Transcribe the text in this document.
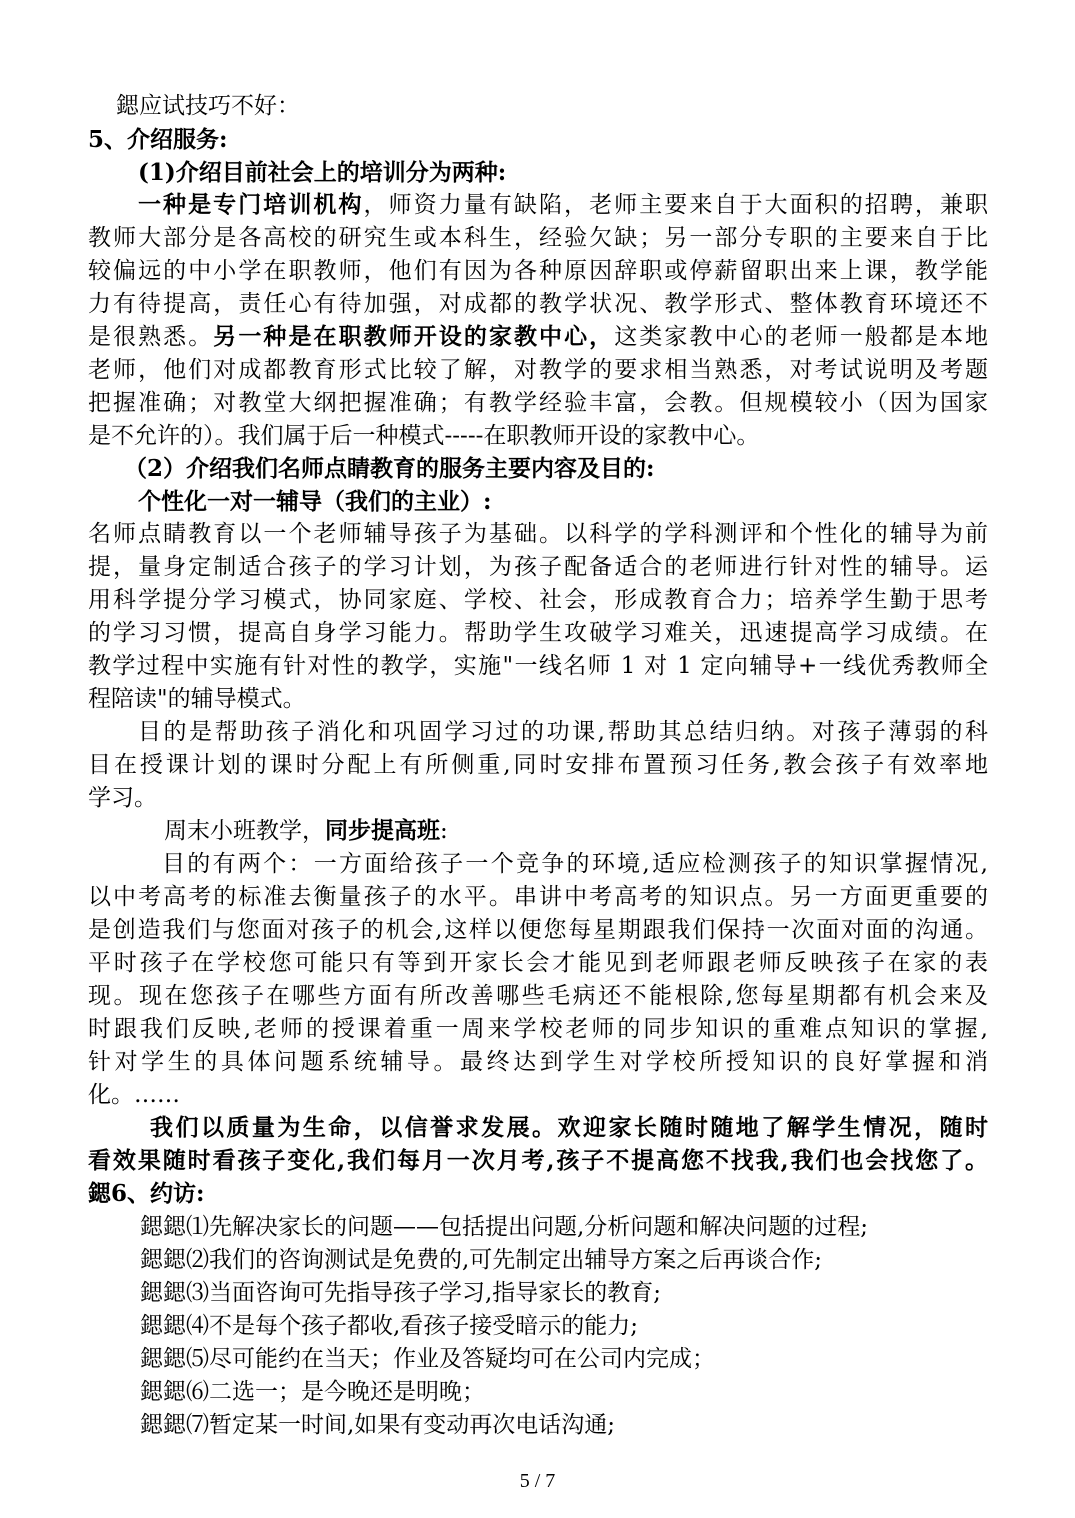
鍶应试技巧不好：
5、介绍服务:
(1)介绍目前社会上的培训分为两种:
一种是专门培训机构，师资力量有缺陷，老师主要来自于大面积的招聘，兼职
教师大部分是各高校的研究生或本科生，经验欠缺；另一部分专职的主要来自于比
较偏远的中小学在职教师，他们有因为各种原因辞职或停薪留职出来上课，教学能
力有待提高，责任心有待加强，对成都的教学状况、教学形式、整体教育环境还不
是很熟悉。另一种是在职教师开设的家教中心，这类家教中心的老师一般都是本地
老师，他们对成都教育形式比较了解，对教学的要求相当熟悉，对考试说明及考题
把握准确；对教堂大纲把握准确；有教学经验丰富，会教。但规模较小（因为国家
是不允许的）。我们属于后一种模式-----在职教师开设的家教中心。
（2）介绍我们名师点睛教育的服务主要内容及目的:
个性化一对一辅导（我们的主业）:
名师点睛教育以一个老师辅导孩子为基础。以科学的学科测评和个性化的辅导为前
提，量身定制适合孩子的学习计划，为孩子配备适合的老师进行针对性的辅导。运
用科学提分学习模式，协同家庭、学校、社会，形成教育合力；培养学生勤于思考
的学习习惯，提高自身学习能力。帮助学生攻破学习难关，迅速提高学习成绩。在
教学过程中实施有针对性的教学，实施"一线名师 1 对 1 定向辅导+一线优秀教师全
程陪读"的辅导模式。
目的是帮助孩子消化和巩固学习过的功课,帮助其总结归纳。对孩子薄弱的科
目在授课计划的课时分配上有所侧重,同时安排布置预习任务,教会孩子有效率地
学习。
周末小班教学，同步提高班:
目的有两个：一方面给孩子一个竞争的环境,适应检测孩子的知识掌握情况,
以中考高考的标准去衡量孩子的水平。串讲中考高考的知识点。另一方面更重要的
是创造我们与您面对孩子的机会,这样以便您每星期跟我们保持一次面对面的沟通。
平时孩子在学校您可能只有等到开家长会才能见到老师跟老师反映孩子在家的表
现。现在您孩子在哪些方面有所改善哪些毛病还不能根除,您每星期都有机会来及
时跟我们反映,老师的授课着重一周来学校老师的同步知识的重难点知识的掌握,
针对学生的具体问题系统辅导。最终达到学生对学校所授知识的良好掌握和消
化。……
我们以质量为生命，以信誉求发展。欢迎家长随时随地了解学生情况，随时
看效果随时看孩子变化,我们每月一次月考,孩子不提高您不找我,我们也会找您了。
鍶6、约访:
鍶鍶⑴先解决家长的问题——包括提出问题,分析问题和解决问题的过程;
鍶鍶⑵我们的咨询测试是免费的,可先制定出辅导方案之后再谈合作;
鍶鍶⑶当面咨询可先指导孩子学习,指导家长的教育;
鍶鍶⑷不是每个孩子都收,看孩子接受暗示的能力;
鍶鍶⑸尽可能约在当天；作业及答疑均可在公司内完成；
鍶鍶⑹二选一；是今晚还是明晚；
鍶鍶⑺暂定某一时间,如果有变动再次电话沟通;
5 / 7
